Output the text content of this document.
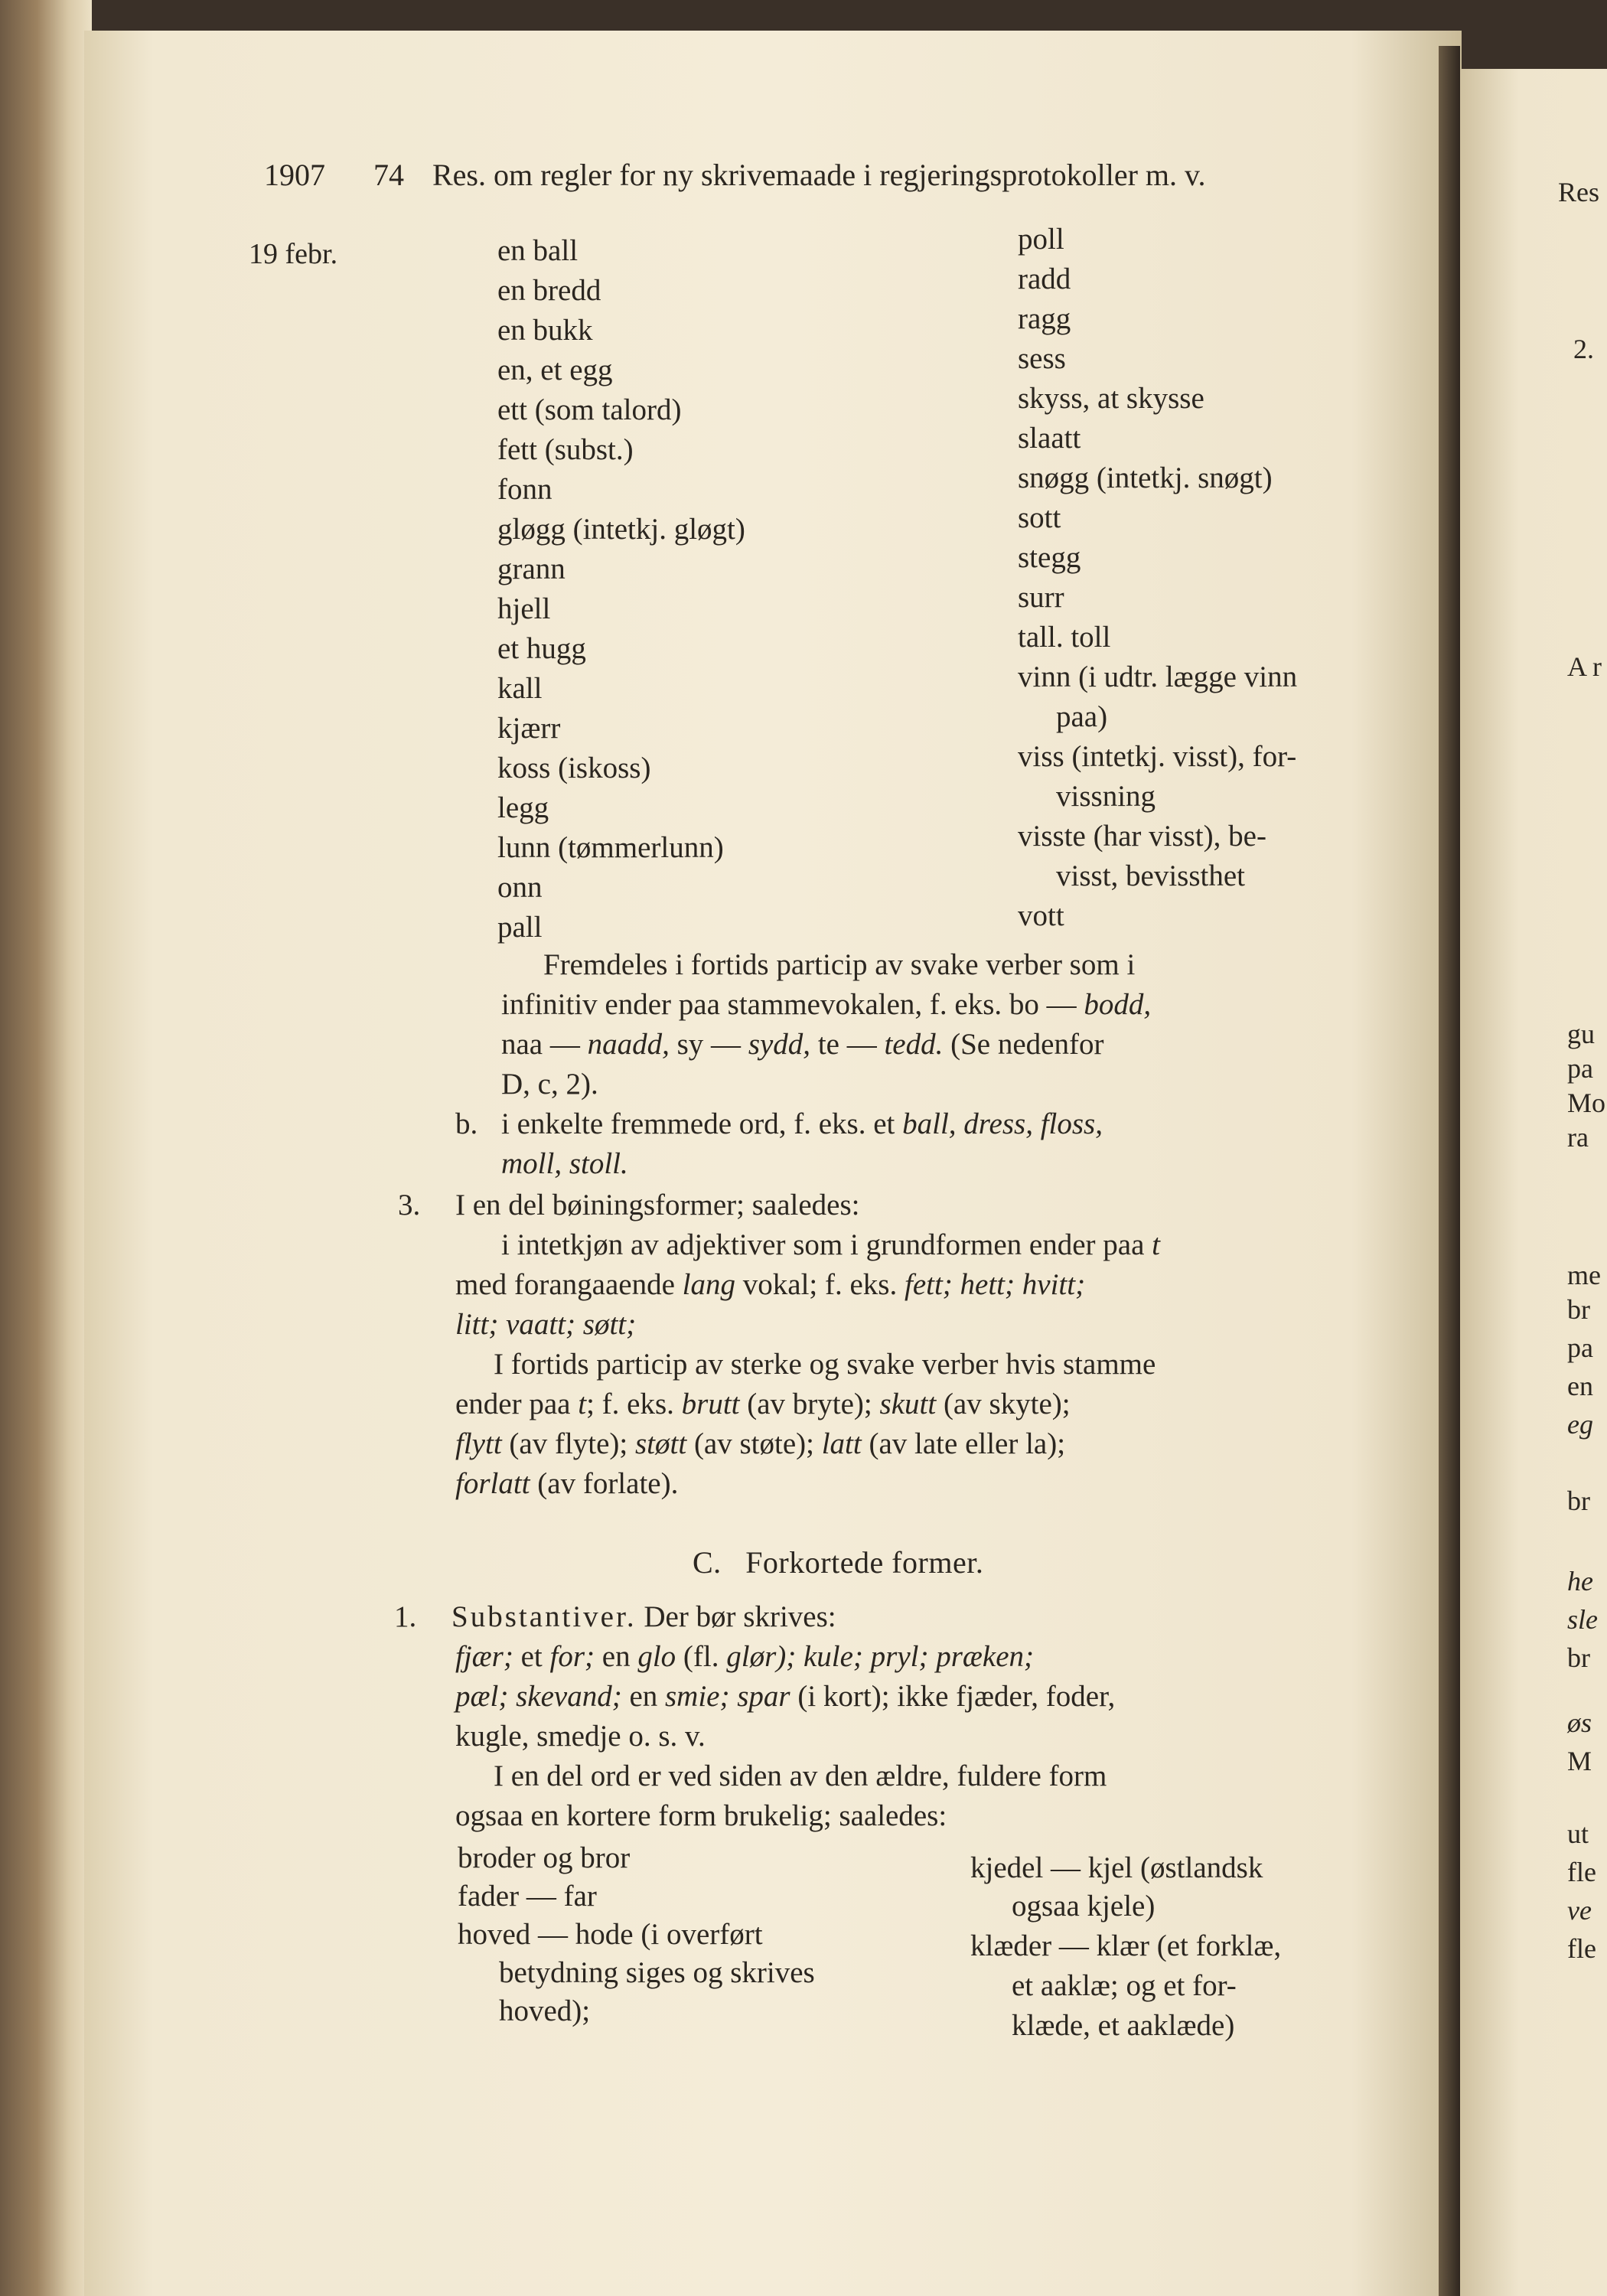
Res
2.
A r
gu
pa
Mo
ra
me
br
pa
en
eg
br
he
sle
br
øs
M
ut
fle
ve
fle
1907 74 Res. om regler for ny skrivemaade i regjeringsprotokoller m. v.
19 febr.	en ball
en bredd
en bukk
en, et egg
ett (som talord)
fett (subst.)
fonn
gløgg (intetkj. gløgt)
grann
hjell
et hugg
kall
kjærr
koss (iskoss)
legg
lunn (tømmerlunn)
onn
pall
poll
radd
ragg
sess
skyss, at skysse
slaatt
snøgg (intetkj. snøgt)
sott
stegg
surr
tall. toll
vinn (i udtr. lægge vinn
paa)
viss (intetkj. visst), for-
vissning
visste (har visst), be-
visst, bevissthet
vott
Fremdeles i fortids particip av svake verber som i
infinitiv ender paa stammevokalen, f. eks. bo — bodd,
naa — naadd, sy — sydd, te — tedd. (Se nedenfor
D, c, 2).
b. i enkelte fremmede ord, f. eks. et ball, dress, floss,
moll, stoll.
3. I en del bøiningsformer; saaledes:
i intetkjøn av adjektiver som i grundformen ender paa t
med forangaaende lang vokal; f. eks. fett; hett; hvitt;
litt; vaatt; søtt;
I fortids particip av sterke og svake verber hvis stamme
ender paa t; f. eks. brutt (av bryte); skutt (av skyte);
flytt (av flyte); støtt (av støte); latt (av late eller la);
forlatt (av forlate).
C. Forkortede former.
1. Substantiver. Der bør skrives:
fjær; et for; en glo (fl. glør); kule; pryl; præken;
pæl; skevand; en smie; spar (i kort); ikke fjæder, foder,
kugle, smedje o. s. v.
I en del ord er ved siden av den ældre, fuldere form
ogsaa en kortere form brukelig; saaledes:
broder og bror
fader — far
hoved — hode (i overført
betydning siges og skrives
hoved);
kjedel — kjel (østlandsk
ogsaa kjele)
klæder — klær (et forklæ,
et aaklæ; og et for-
klæde, et aaklæde)
